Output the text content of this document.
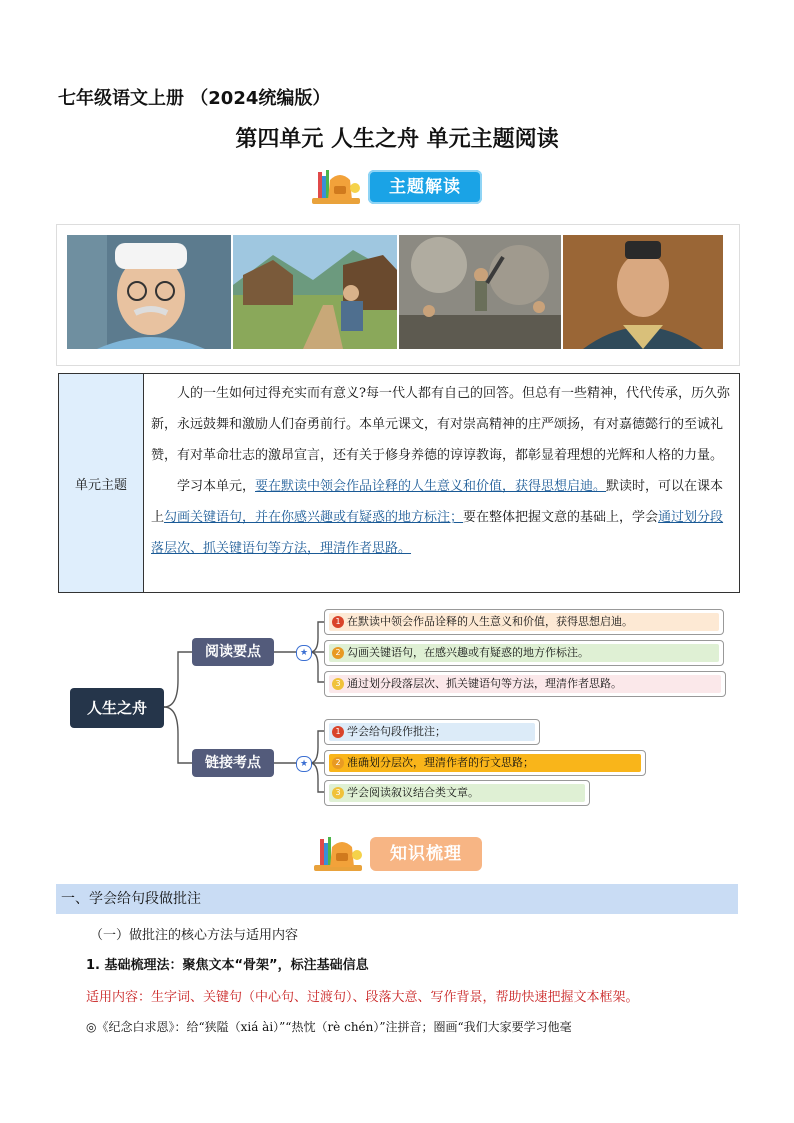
七年级语文上册 （2024统编版）
第四单元 人生之舟 单元主题阅读
主题解读
单元主题

人的一生如何过得充实而有意义?每一代人都有自己的回答。但总有一些精神，代代传承，历久弥新，永远鼓舞和激励人们奋勇前行。本单元课文，有对崇高精神的庄严颂扬，有对嘉德懿行的至诚礼赞，有对革命壮志的激昂宣言，还有关于修身养德的谆谆教诲，都彰显着理想的光辉和人格的力量。

学习本单元，要在默读中领会作品诠释的人生意义和价值，获得思想启迪。默读时，可以在课本上勾画关键语句，并在你感兴趣或有疑惑的地方标注；要在整体把握文意的基础上，学会通过划分段落层次、抓关键语句等方法，理清作者思路。

人生之舟
阅读要点
链接考点
★
★
1 在默读中领会作品诠释的人生意义和价值，获得思想启迪。
2 勾画关键语句，在感兴趣或有疑惑的地方作标注。
3 通过划分段落层次、抓关键语句等方法，理清作者思路。
1 学会给句段作批注；
2 准确划分层次，理清作者的行文思路；
3 学会阅读叙议结合类文章。
知识梳理
一、学会给句段做批注
（一）做批注的核心方法与适用内容
1. 基础梳理法：聚焦文本“骨架”，标注基础信息
适用内容：生字词、关键句（中心句、过渡句）、段落大意、写作背景，帮助快速把握文本框架。
◎《纪念白求恩》：给“狭隘（xiá ài）”“热忱（rè chén）”注拼音；圈画“我们大家要学习他毫
